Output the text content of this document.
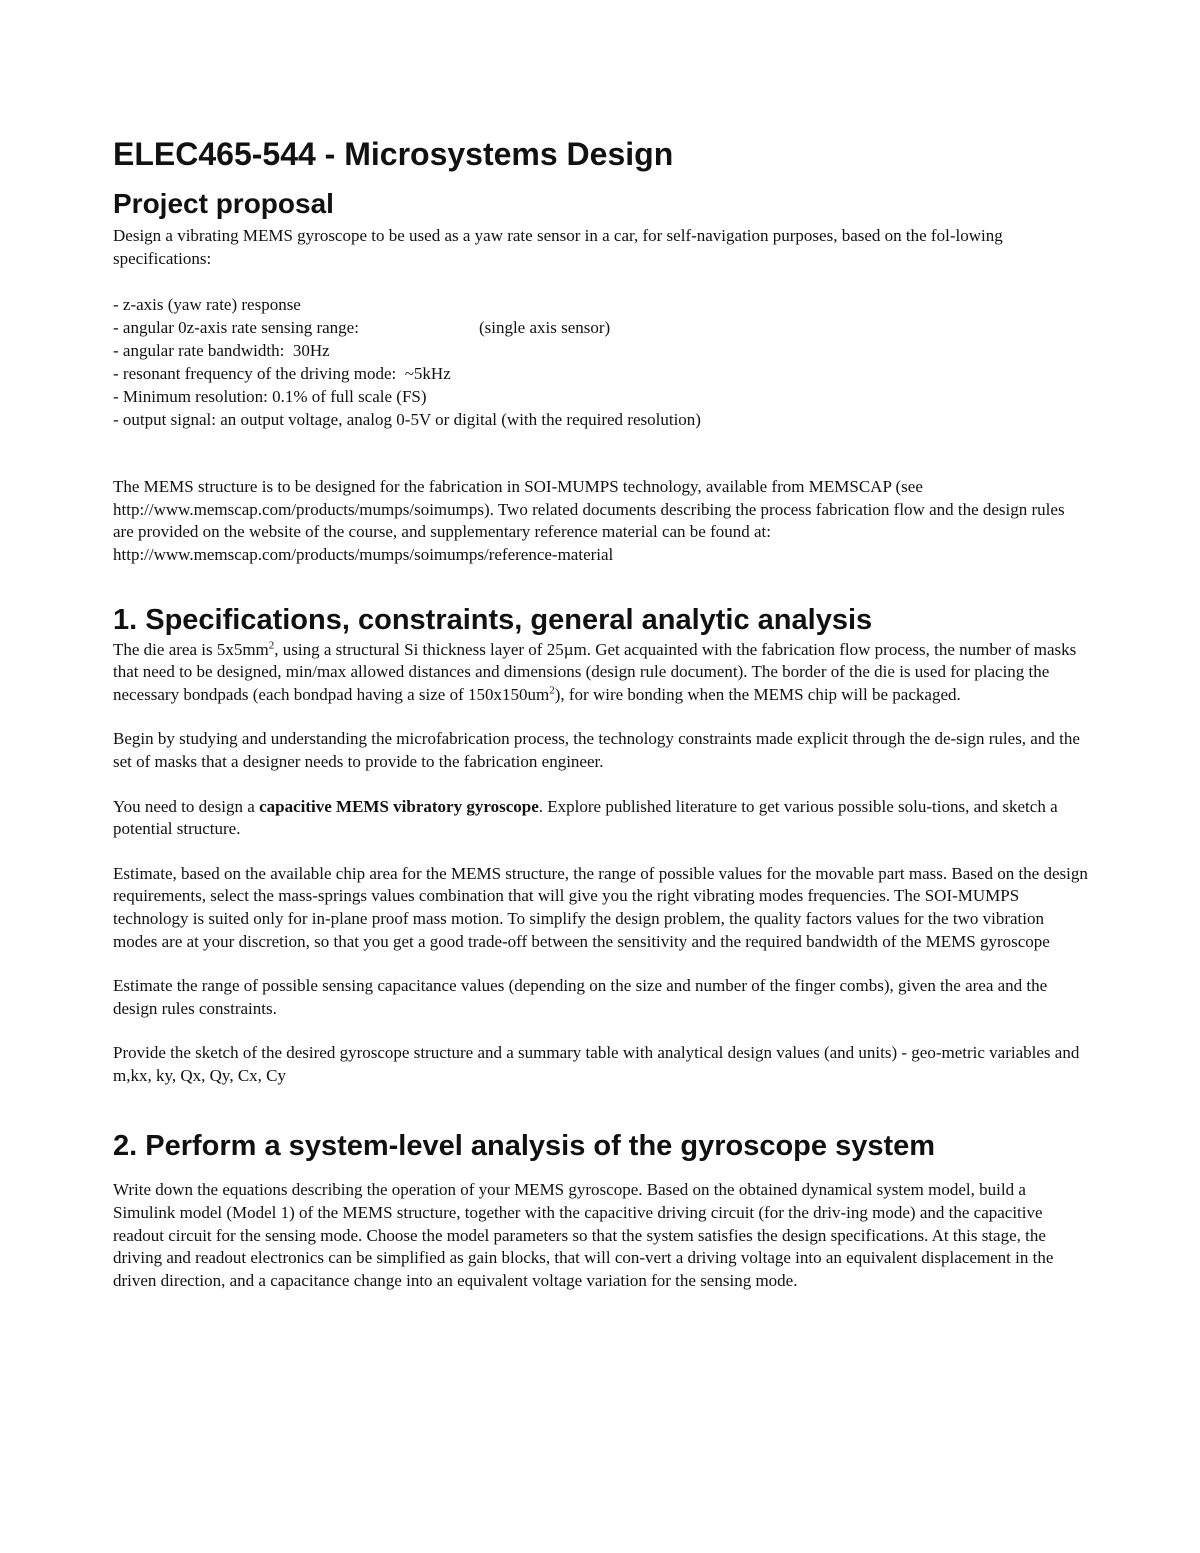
ELEC465-544 - Microsystems Design
Project proposal

Design a vibrating MEMS gyroscope to be used as a yaw rate sensor in a car, for self-navigation purposes, based on the fol-lowing specifications:

- z-axis (yaw rate) response
- angular 0z-axis rate sensing range:	(single axis sensor)
- angular rate bandwidth:  30Hz
- resonant frequency of the driving mode:  ~5kHz
- Minimum resolution: 0.1% of full scale (FS)
- output signal: an output voltage, analog 0-5V or digital (with the required resolution)

The MEMS structure is to be designed for the fabrication in SOI-MUMPS technology, available from MEMSCAP (see http://www.memscap.com/products/mumps/soimumps). Two related documents describing the process fabrication flow and the design rules are provided on the website of the course, and supplementary reference material can be found at: http://www.memscap.com/products/mumps/soimumps/reference-material

1. Specifications, constraints, general analytic analysis

The die area is $5x5mm^2$, using a structural Si thickness layer of 25µm. Get acquainted with the fabrication flow process, the number of masks that need to be designed, min/max allowed distances and dimensions (design rule document). The border of the die is used for placing the necessary bondpads (each bondpad having a size of $150x150um^2$), for wire bonding when the MEMS chip will be packaged.

Begin by studying and understanding the microfabrication process, the technology constraints made explicit through the de-sign rules, and the set of masks that a designer needs to provide to the fabrication engineer.

You need to design a capacitive MEMS vibratory gyroscope. Explore published literature to get various possible solu-tions, and sketch a potential structure.

Estimate, based on the available chip area for the MEMS structure, the range of possible values for the movable part mass. Based on the design requirements, select the mass-springs values combination that will give you the right vibrating modes frequencies. The SOI-MUMPS technology is suited only for in-plane proof mass motion. To simplify the design problem, the quality factors values for the two vibration modes are at your discretion, so that you get a good trade-off between the sensitivity and the required bandwidth of the MEMS gyroscope

Estimate the range of possible sensing capacitance values (depending on the size and number of the finger combs), given the area and the design rules constraints.

Provide the sketch of the desired gyroscope structure and a summary table with analytical design values (and units) - geo-metric variables and m,kx, ky, Qx, Qy, Cx, Cy

2. Perform a system-level analysis of the gyroscope system

Write down the equations describing the operation of your MEMS gyroscope. Based on the obtained dynamical system model, build a Simulink model (Model 1) of the MEMS structure, together with the capacitive driving circuit (for the driv-ing mode) and the capacitive readout circuit for the sensing mode. Choose the model parameters so that the system satisfies the design specifications. At this stage, the driving and readout electronics can be simplified as gain blocks, that will con-vert a driving voltage into an equivalent displacement in the driven direction, and a capacitance change into an equivalent voltage variation for the sensing mode.
